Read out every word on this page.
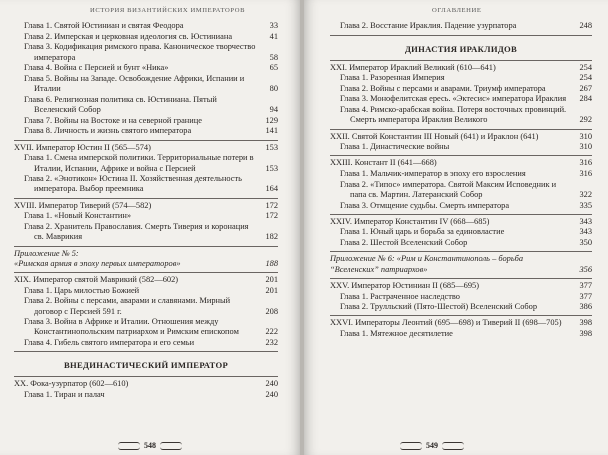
ИСТОРИЯ ВИЗАНТИЙСКИХ ИМПЕРАТОРОВ
Глава 1. Святой Юстиниан и святая Феодора	33
Глава 2. Имперская и церковная идеология св. Юстиниана	41
Глава 3. Кодификация римского права. Каноническое творчество императора	58
Глава 4. Война с Персией и бунт «Ника»	65
Глава 5. Войны на Западе. Освобождение Африки, Испании и Италии	80
Глава 6. Религиозная политика св. Юстиниана. Пятый Вселенский Собор	94
Глава 7. Войны на Востоке и на северной границе	129
Глава 8. Личность и жизнь святого императора	141
XVII. Император Юстин II (565—574)	153
Глава 1. Смена имперской политики. Территориальные потери в Италии, Испании, Африке и война с Персией	153
Глава 2. «Энотикон» Юстина II. Хозяйственная деятельность императора. Выбор преемника	164
XVIII. Император Тиверий (574—582)	172
Глава 1. «Новый Константин»	172
Глава 2. Хранитель Православия. Смерть Тиверия и коронация св. Маврикия	182
Приложение № 5:
«Римская армия в эпоху первых императоров»	188
XIX. Император святой Маврикий (582—602)	201
Глава 1. Царь милостью Божией	201
Глава 2. Войны с персами, аварами и славянами. Мирный договор с Персией 591 г.	208
Глава 3. Война в Африке и Италии. Отношения между Константинопольским патриархом и Римским епископом	222
Глава 4. Гибель святого императора и его семьи	232
ВНЕДИНАСТИЧЕСКИЙ ИМПЕРАТОР
XX. Фока-узурпатор (602—610)	240
Глава 1. Тиран и палач	240
548
ОГЛАВЛЕНИЕ
Глава 2. Восстание Ираклия. Падение узурпатора	248
ДИНАСТИЯ ИРАКЛИДОВ
XXI. Император Ираклий Великий (610—641)	254
Глава 1. Разоренная Империя	254
Глава 2. Войны с персами и аварами. Триумф императора	267
Глава 3. Монофелитская ересь. «Эктесис» императора Ираклия	284
Глава 4. Римско-арабская война. Потеря восточных провинций. Смерть императора Ираклия Великого	292
XXII. Святой Константин III Новый (641) и Ираклон (641)	310
Глава 1. Династические войны	310
XXIII. Констант II (641—668)	316
Глава 1. Мальчик-император в эпоху его взросления	316
Глава 2. «Типос» императора. Святой Максим Исповедник и папа св. Мартин. Латеранский Собор	322
Глава 3. Отмщение судьбы. Смерть императора	335
XXIV. Император Константин IV (668—685)	343
Глава 1. Юный царь и борьба за единовластие	343
Глава 2. Шестой Вселенский Собор	350
Приложение № 6: «Рим и Константинополь – борьба “Вселенских” патриархов»	356
XXV. Император Юстиниан II (685—695)	377
Глава 1. Растраченное наследство	377
Глава 2. Трулльский (Пято-Шестой) Вселенский Собор	386
XXVI. Императоры Леонтий (695—698) и Тиверий II (698—705)	398
Глава 1. Мятежное десятилетие	398
549
